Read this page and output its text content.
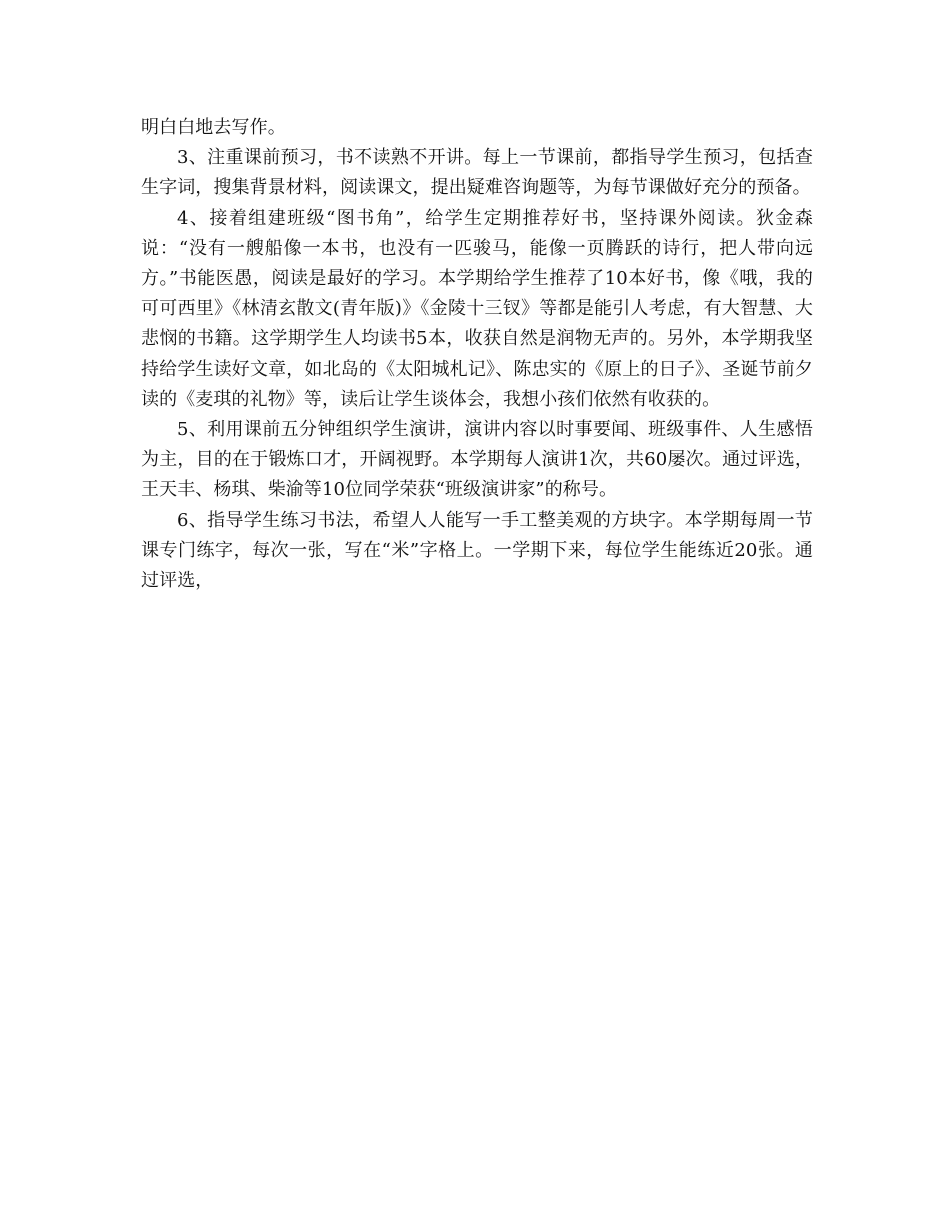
明白白地去写作。

3、注重课前预习，书不读熟不开讲。每上一节课前，都指导学生预习，包括查生字词，搜集背景材料，阅读课文，提出疑难咨询题等，为每节课做好充分的预备。

4、接着组建班级“图书角”，给学生定期推荐好书，坚持课外阅读。狄金森说：“没有一艘船像一本书，也没有一匹骏马，能像一页腾跃的诗行，把人带向远方。”书能医愚，阅读是最好的学习。本学期给学生推荐了10本好书，像《哦，我的可可西里》《林清玄散文(青年版)》《金陵十三钗》等都是能引人考虑，有大智慧、大悲悯的书籍。这学期学生人均读书5本，收获自然是润物无声的。另外，本学期我坚持给学生读好文章，如北岛的《太阳城札记》、陈忠实的《原上的日子》、圣诞节前夕读的《麦琪的礼物》等，读后让学生谈体会，我想小孩们依然有收获的。

5、利用课前五分钟组织学生演讲，演讲内容以时事要闻、班级事件、人生感悟为主，目的在于锻炼口才，开阔视野。本学期每人演讲1次，共60屡次。通过评选，王天丰、杨琪、柴渝等10位同学荣获“班级演讲家”的称号。

6、指导学生练习书法，希望人人能写一手工整美观的方块字。本学期每周一节课专门练字，每次一张，写在“米”字格上。一学期下来，每位学生能练近20张。通过评选，
